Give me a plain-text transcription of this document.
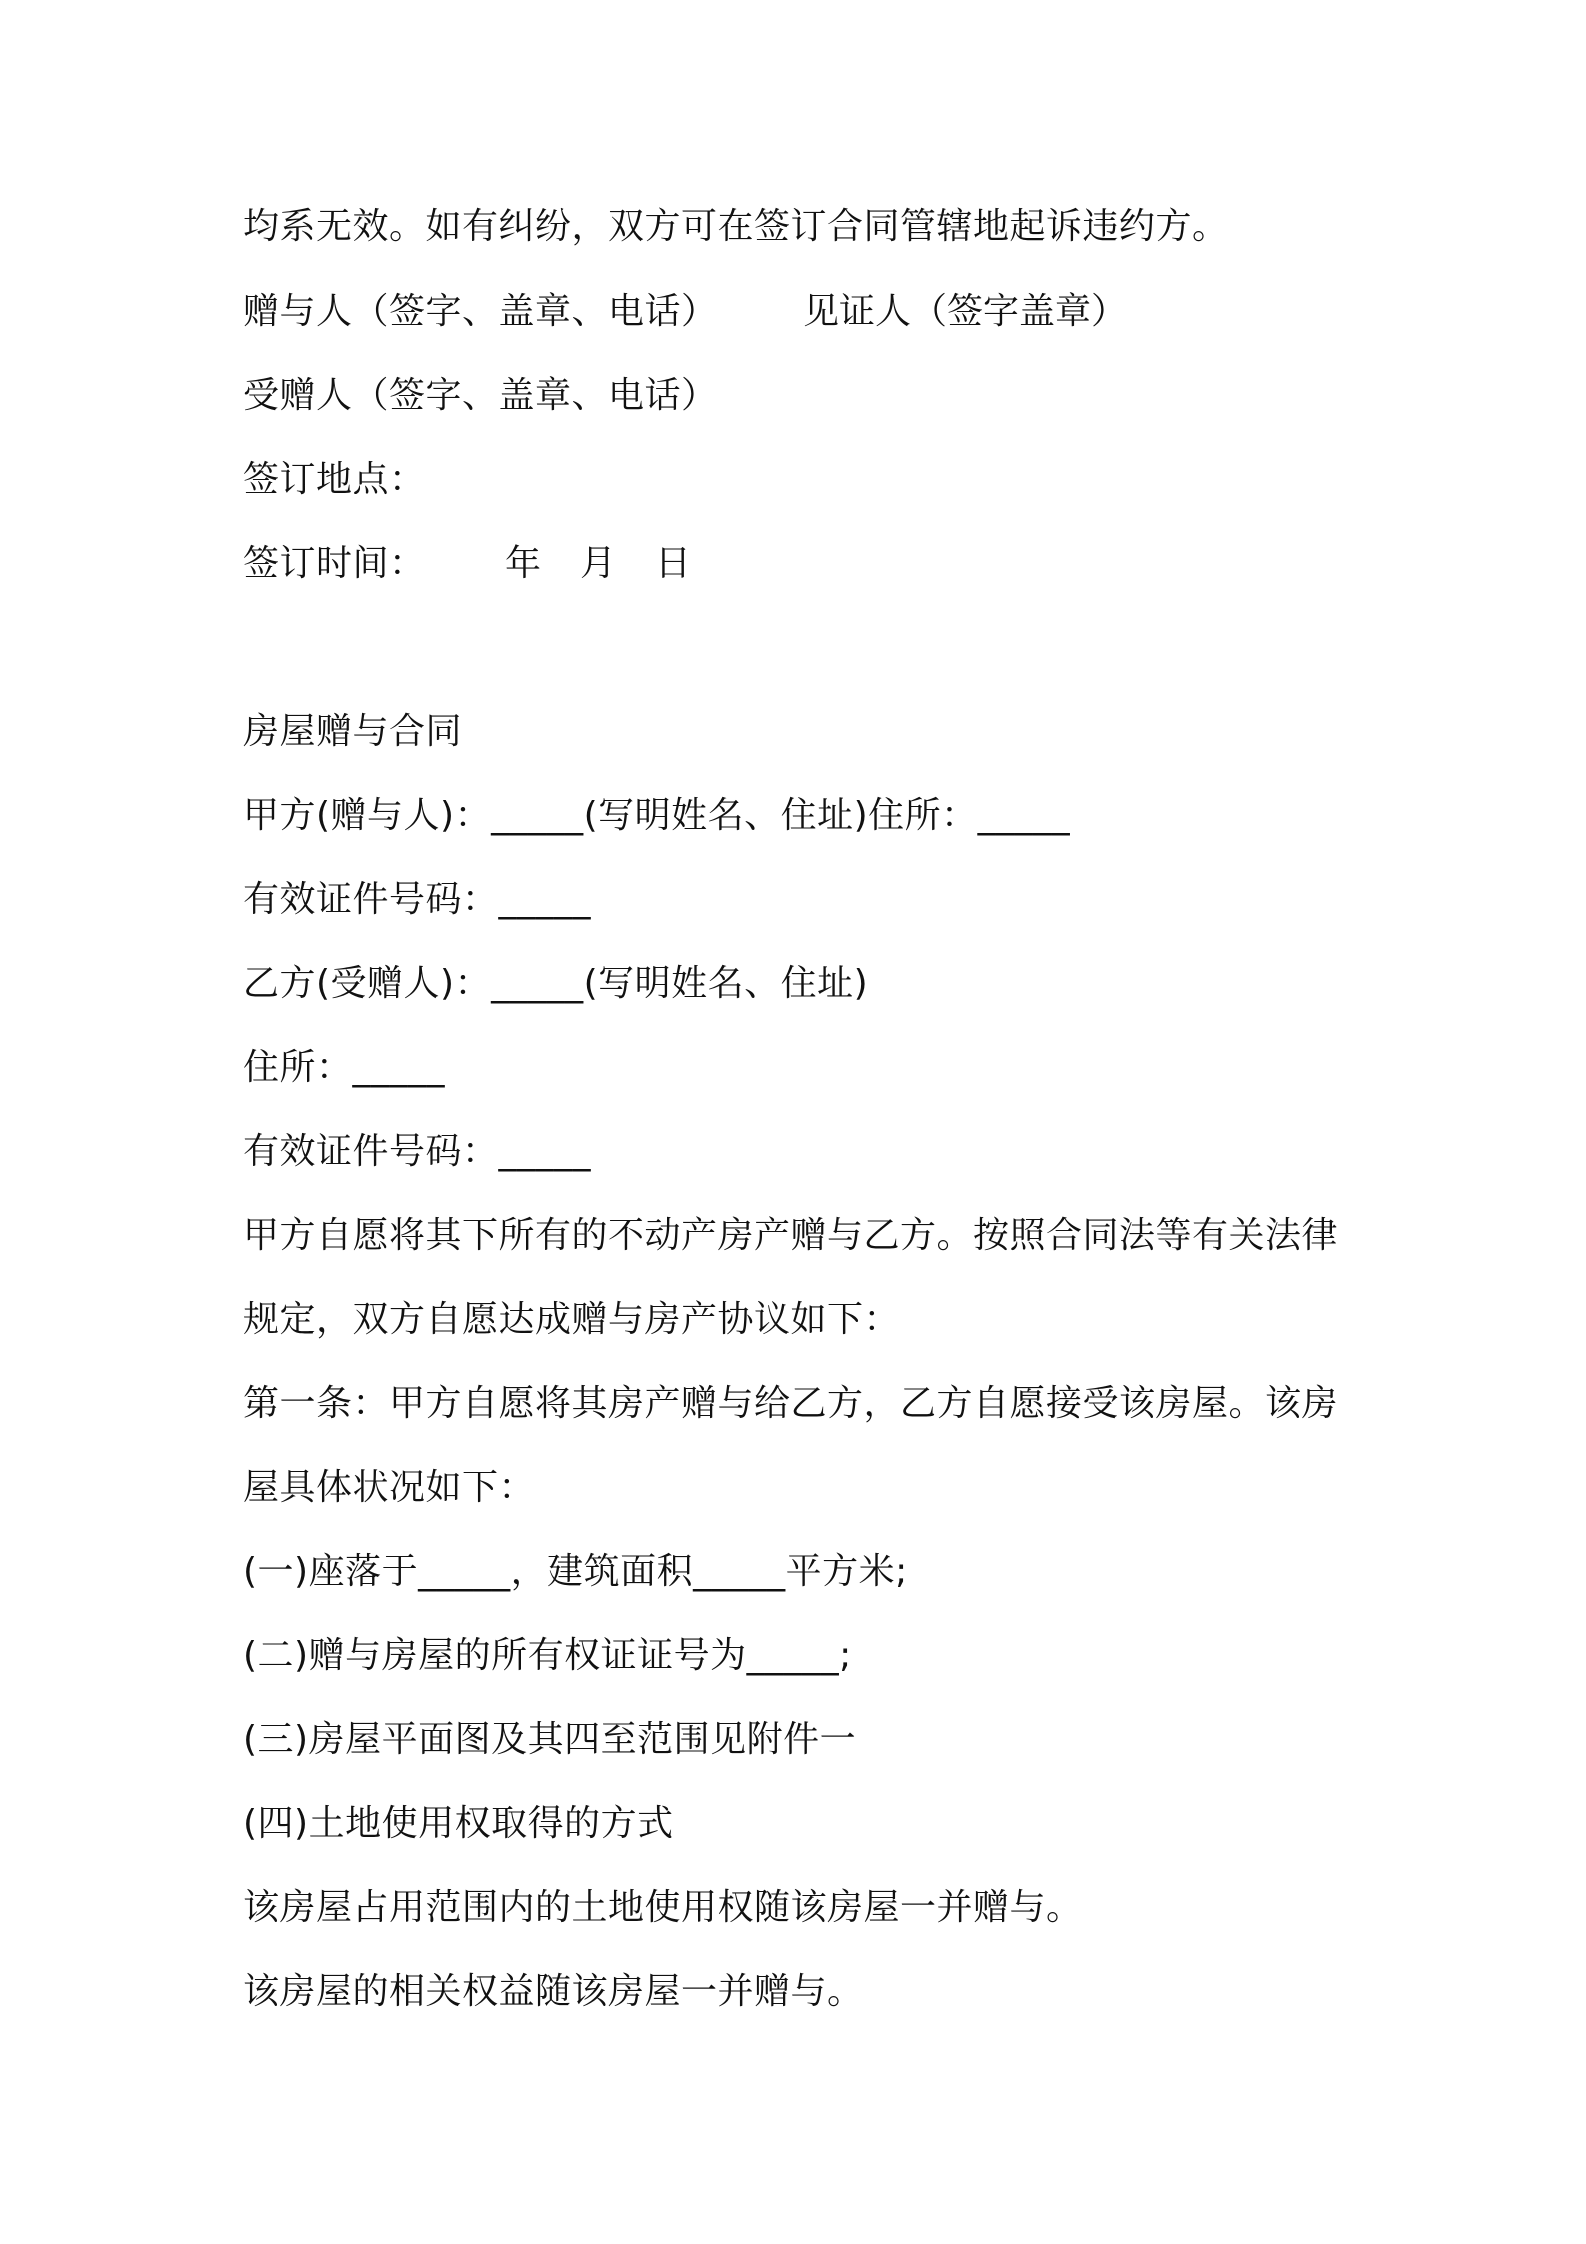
均系无效。如有纠纷，双方可在签订合同管辖地起诉违约方。
赠与人（签字、盖章、电话） 见证人（签字盖章）
受赠人（签字、盖章、电话）
签订地点：
签订时间： 年 月 日
房屋赠与合同
甲方(赠与人)：_____(写明姓名、住址)住所：_____
有效证件号码：_____
乙方(受赠人)：_____(写明姓名、住址)
住所：_____
有效证件号码：_____
甲方自愿将其下所有的不动产房产赠与乙方。按照合同法等有关法律
规定，双方自愿达成赠与房产协议如下：
第一条：甲方自愿将其房产赠与给乙方，乙方自愿接受该房屋。该房
屋具体状况如下：
(一)座落于_____，建筑面积_____平方米;
(二)赠与房屋的所有权证证号为_____;
(三)房屋平面图及其四至范围见附件一
(四)土地使用权取得的方式
该房屋占用范围内的土地使用权随该房屋一并赠与。
该房屋的相关权益随该房屋一并赠与。
